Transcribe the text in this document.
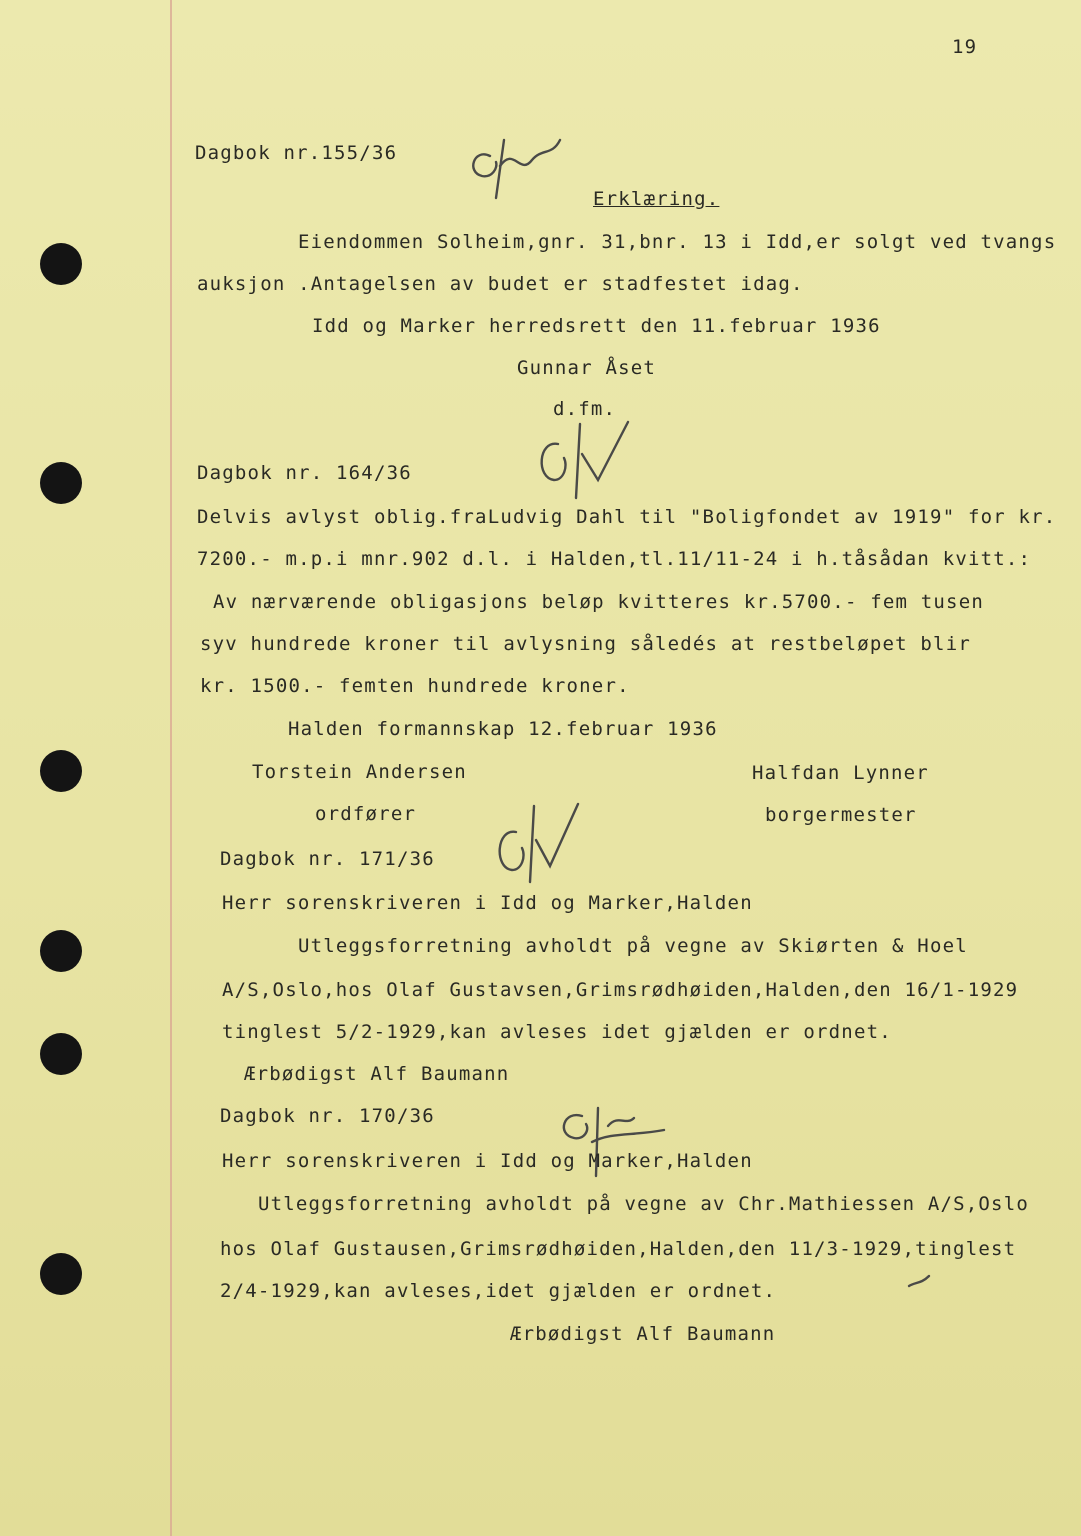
19
Dagbok nr.155/36
Erklæring.
Eiendommen Solheim,gnr. 31,bnr. 13 i Idd,er solgt ved tvangs
auksjon .Antagelsen av budet er stadfestet idag.
Idd og Marker herredsrett den 11.februar 1936
Gunnar Åset
d.fm.
Dagbok nr. 164/36
Delvis avlyst oblig.fraLudvig Dahl til "Boligfondet av 1919" for kr.
7200.- m.p.i mnr.902 d.l. i Halden,tl.11/11-24 i h.tåsådan kvitt.:
Av nærværende obligasjons beløp kvitteres kr.5700.- fem tusen
syv hundrede kroner til avlysning såledés at restbeløpet blir
kr. 1500.- femten hundrede kroner.
Halden formannskap 12.februar 1936
Torstein Andersen	Halfdan Lynner
ordfører	borgermester
Dagbok nr. 171/36
Herr sorenskriveren i Idd og Marker,Halden
Utleggsforretning avholdt på vegne av Skiørten & Hoel
A/S,Oslo,hos Olaf Gustavsen,Grimsrødhøiden,Halden,den 16/1-1929
tinglest 5/2-1929,kan avleses idet gjælden er ordnet.
Ærbødigst Alf Baumann
Dagbok nr. 170/36
Herr sorenskriveren i Idd og Marker,Halden
Utleggsforretning avholdt på vegne av Chr.Mathiessen A/S,Oslo
hos Olaf Gustausen,Grimsrødhøiden,Halden,den 11/3-1929,tinglest
2/4-1929,kan avleses,idet gjælden er ordnet.
Ærbødigst Alf Baumann
